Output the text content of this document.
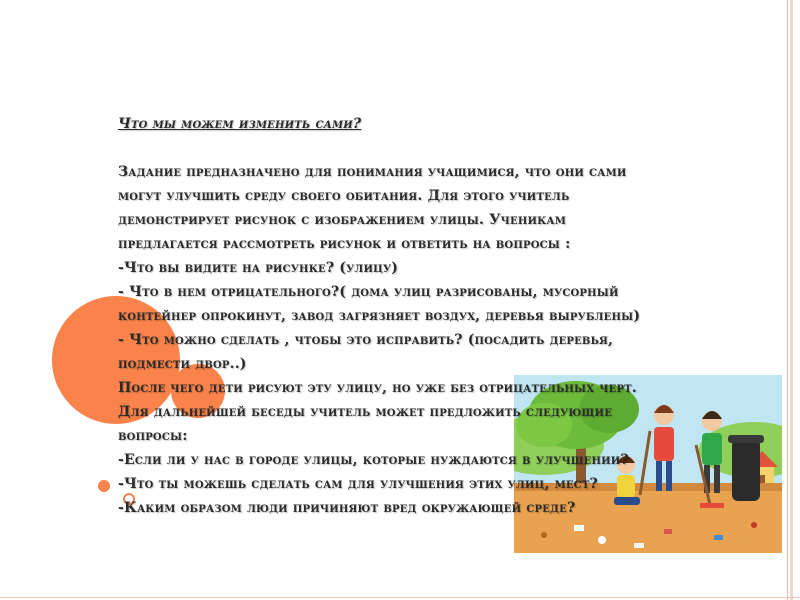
Что мы можем изменить сами?

Задание предназначено для понимания учащимися, что они сами

могут улучшить среду своего обитания. Для этого учитель

демонстрирует рисунок с изображением улицы. Ученикам

предлагается рассмотреть рисунок и ответить на вопросы :

-Что вы видите на рисунке? (улицу)

- Что в нем отрицательного?( дома улиц разрисованы, мусорный

контейнер опрокинут, завод загрязняет воздух, деревья вырублены)

- Что можно сделать , чтобы это исправить? (посадить деревья,

подмести двор..)

После чего дети рисуют эту улицу, но уже без отрицательных черт.

Для дальнейшей беседы учитель может предложить следующие

вопросы:

-Если ли у нас в городе улицы, которые нуждаются в улучшении?

-Что ты можешь сделать сам для улучшения этих улиц, мест?

-Каким образом люди причиняют вред окружающей среде?
